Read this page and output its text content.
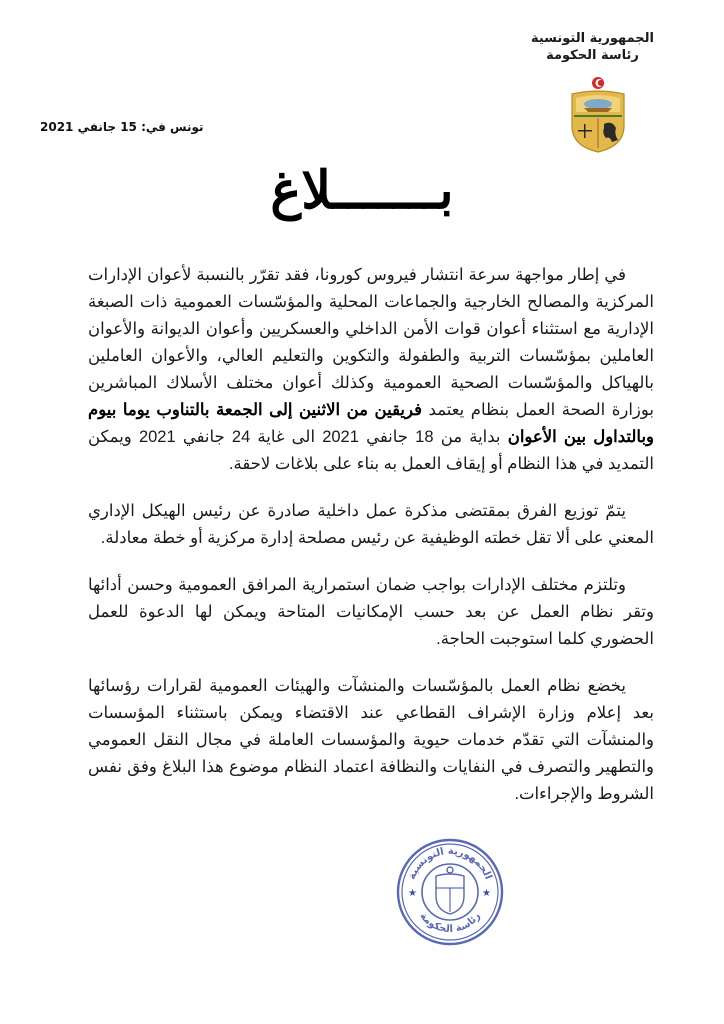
الجمهورية التونسية
رئاسة الحكومة
تونس في: 15 جانفي 2021
بـــــــلاغ

في إطار مواجهة سرعة انتشار فيروس كورونا، فقد تقرّر بالنسبة لأعوان الإدارات المركزية والمصالح الخارجية والجماعات المحلية والمؤسّسات العمومية ذات الصبغة الإدارية مع استثناء أعوان قوات الأمن الداخلي والعسكريين وأعوان الديوانة والأعوان العاملين بمؤسّسات التربية والطفولة والتكوين والتعليم العالي، والأعوان العاملين بالهياكل والمؤسّسات الصحية العمومية وكذلك أعوان مختلف الأسلاك المباشرين بوزارة الصحة العمل بنظام يعتمد فريقين من الاثنين إلى الجمعة بالتناوب يوما بيوم وبالتداول بين الأعوان بداية من 18 جانفي 2021 الى غاية 24 جانفي 2021 ويمكن التمديد في هذا النظام أو إيقاف العمل به بناء على بلاغات لاحقة.

يتمّ توزيع الفرق بمقتضى مذكرة عمل داخلية صادرة عن رئيس الهيكل الإداري المعني على ألا تقل خطته الوظيفية عن رئيس مصلحة إدارة مركزية أو خطة معادلة.

وتلتزم مختلف الإدارات بواجب ضمان استمرارية المرافق العمومية وحسن أدائها وتقر نظام العمل عن بعد حسب الإمكانيات المتاحة ويمكن لها الدعوة للعمل الحضوري كلما استوجبت الحاجة.

يخضع نظام العمل بالمؤسّسات والمنشآت والهيئات العمومية لقرارات رؤسائها بعد إعلام وزارة الإشراف القطاعي عند الاقتضاء ويمكن باستثناء المؤسسات والمنشآت التي تقدّم خدمات حيوية والمؤسسات العاملة في مجال النقل العمومي والتطهير والتصرف في النفايات والنظافة اعتماد النظام موضوع هذا البلاغ وفق نفس الشروط والإجراءات.

الجمهورية التونسية
رئاسة الحكومة
★	★
